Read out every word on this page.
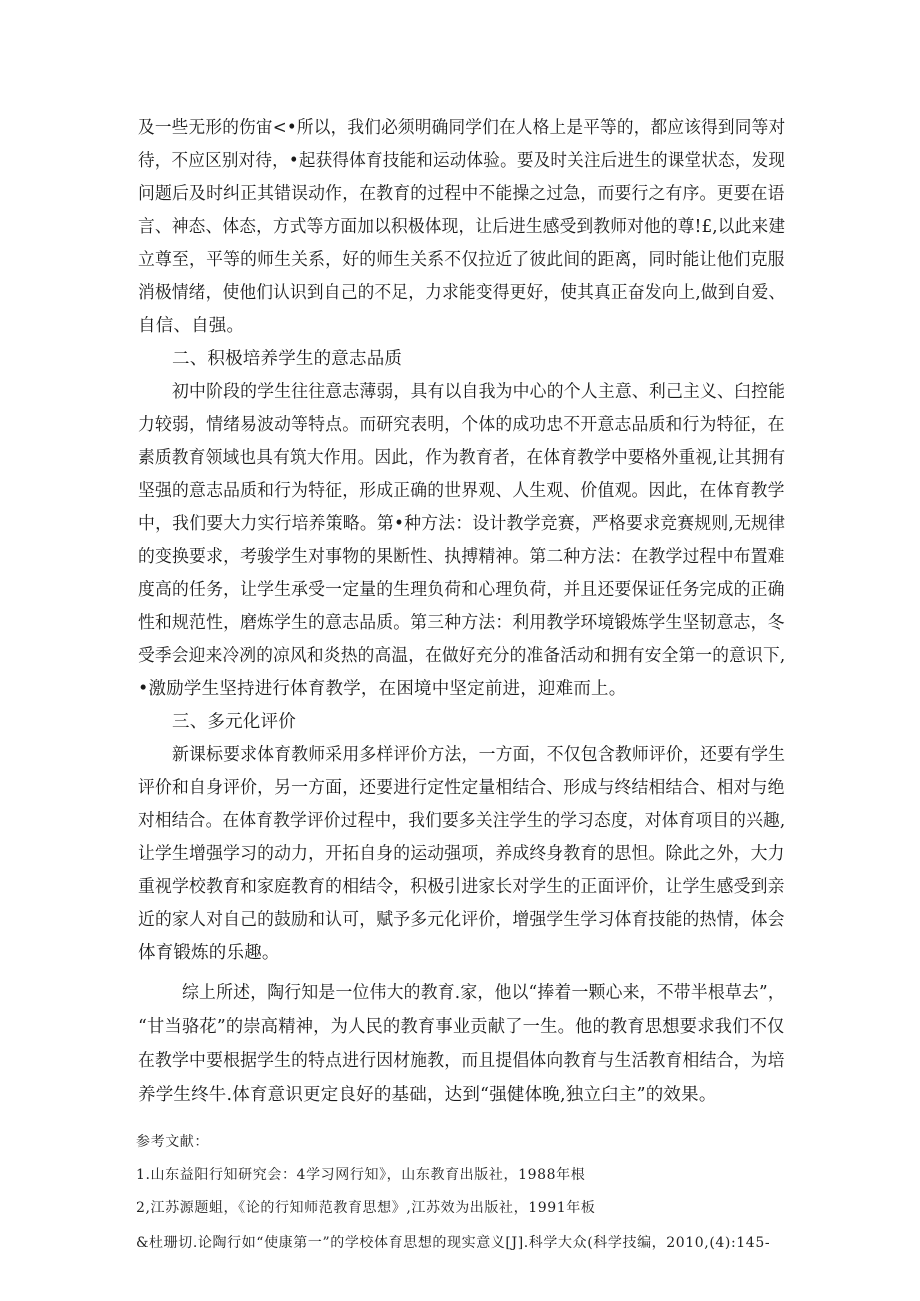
及一些无形的伤宙<•所以，我们必须明确同学们在人格上是平等的，都应该得到同等对
待，不应区别对待，•起获得体育技能和运动体验。要及时关注后进生的课堂状态，发现
问题后及时纠正其错误动作，在教育的过程中不能操之过急，而要行之有序。更要在语
言、神态、体态，方式等方面加以积极体现，让后进生感受到教师对他的尊!£,以此来建
立尊至，平等的师生关系，好的师生关系不仅拉近了彼此间的距离，同时能让他们克服
消极情绪，使他们认识到自己的不足，力求能变得更好，使其真正奋发向上,做到自爱、
自信、自强。
二、积极培养学生的意志品质
初中阶段的学生往往意志薄弱，具有以自我为中心的个人主意、利己主义、臼控能
力较弱，情绪易波动等特点。而研究表明，个体的成功忠不开意志品质和行为特征，在
素质教育领域也具有筑大作用。因此，作为教育者，在体育教学中要格外重视,让其拥有
坚强的意志品质和行为特征，形成正确的世界观、人生观、价值观。因此，在体育教学
中，我们要大力实行培养策略。第•种方法：设计教学竞赛，严格要求竞赛规则,无规律
的变换要求，考骏学生对事物的果断性、执搏精神。第二种方法：在教学过程中布置难
度高的任务，让学生承受一定量的生理负荷和心理负荷，并且还要保证任务完成的正确
性和规范性，磨炼学生的意志品质。第三种方法：利用教学环境锻炼学生坚韧意志，冬
受季会迎来冷冽的凉风和炎热的高温，在做好充分的准备活动和拥有安全第一的意识下,
•激励学生坚持进行体育教学，在困境中坚定前进，迎难而上。
三、多元化评价
新课标要求体育教师采用多样评价方法，一方面，不仅包含教师评价，还要有学生
评价和自身评价，另一方面，还要进行定性定量相结合、形成与终结相结合、相对与绝
对相结合。在体育教学评价过程中，我们要多关注学生的学习态度，对体育项目的兴趣,
让学生增强学习的动力，开拓自身的运动强项，养成终身教育的思怛。除此之外，大力
重视学校教育和家庭教育的相结令，积极引进家长对学生的正面评价，让学生感受到亲
近的家人对自己的鼓励和认可，赋予多元化评价，增强学生学习体育技能的热情，体会
体育锻炼的乐趣。
综上所述，陶行知是一位伟大的教育.家，他以“捧着一颗心来，不带半根草去”，
“甘当骆花”的崇高精神，为人民的教育事业贡献了一生。他的教育思想要求我们不仅
在教学中要根据学生的特点进行因材施教，而且提倡体向教育与生活教育相结合，为培
养学生终牛.体育意识更定良好的基础，达到“强健体晚,独立臼主”的效果。
参考文献：
1.山东益阳行知研究会：4学习网行知》，山东教育出版社，1988年根
2,江苏源题蛆，《论的行知师范教育思想》,江苏效为出版社，1991年板
&杜珊切.论陶行如“使康第一”的学校体育思想的现实意义[J].科学大众(科学技编，2010,(4):145-
